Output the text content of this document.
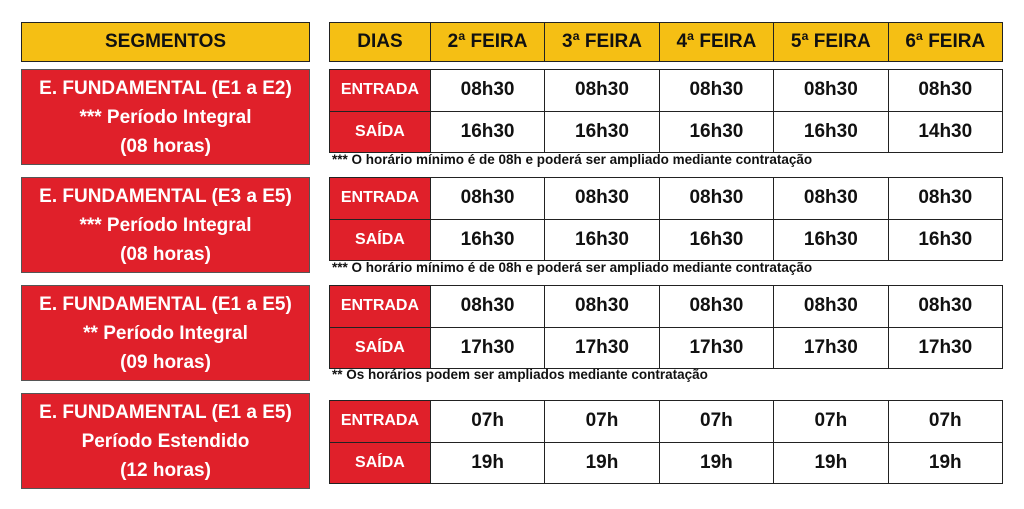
SEGMENTOS	DIAS	2ª FEIRA	3ª FEIRA	4ª FEIRA	5ª FEIRA	6ª FEIRA
E. FUNDAMENTAL (E1 a E2)
*** Período Integral
(08 horas)
ENTRADA	08h30	08h30	08h30	08h30	08h30
SAÍDA	16h30	16h30	16h30	16h30	14h30
*** O horário mínimo é de 08h e poderá ser ampliado mediante contratação
E. FUNDAMENTAL (E3 a E5)
*** Período Integral
(08 horas)
ENTRADA	08h30	08h30	08h30	08h30	08h30
SAÍDA	16h30	16h30	16h30	16h30	16h30
*** O horário mínimo é de 08h e poderá ser ampliado mediante contratação
E. FUNDAMENTAL (E1 a E5)
** Período Integral
(09 horas)
ENTRADA	08h30	08h30	08h30	08h30	08h30
SAÍDA	17h30	17h30	17h30	17h30	17h30
** Os horários podem ser ampliados mediante contratação
E. FUNDAMENTAL (E1 a E5)
Período Estendido
(12 horas)
ENTRADA	07h	07h	07h	07h	07h
SAÍDA	19h	19h	19h	19h	19h
